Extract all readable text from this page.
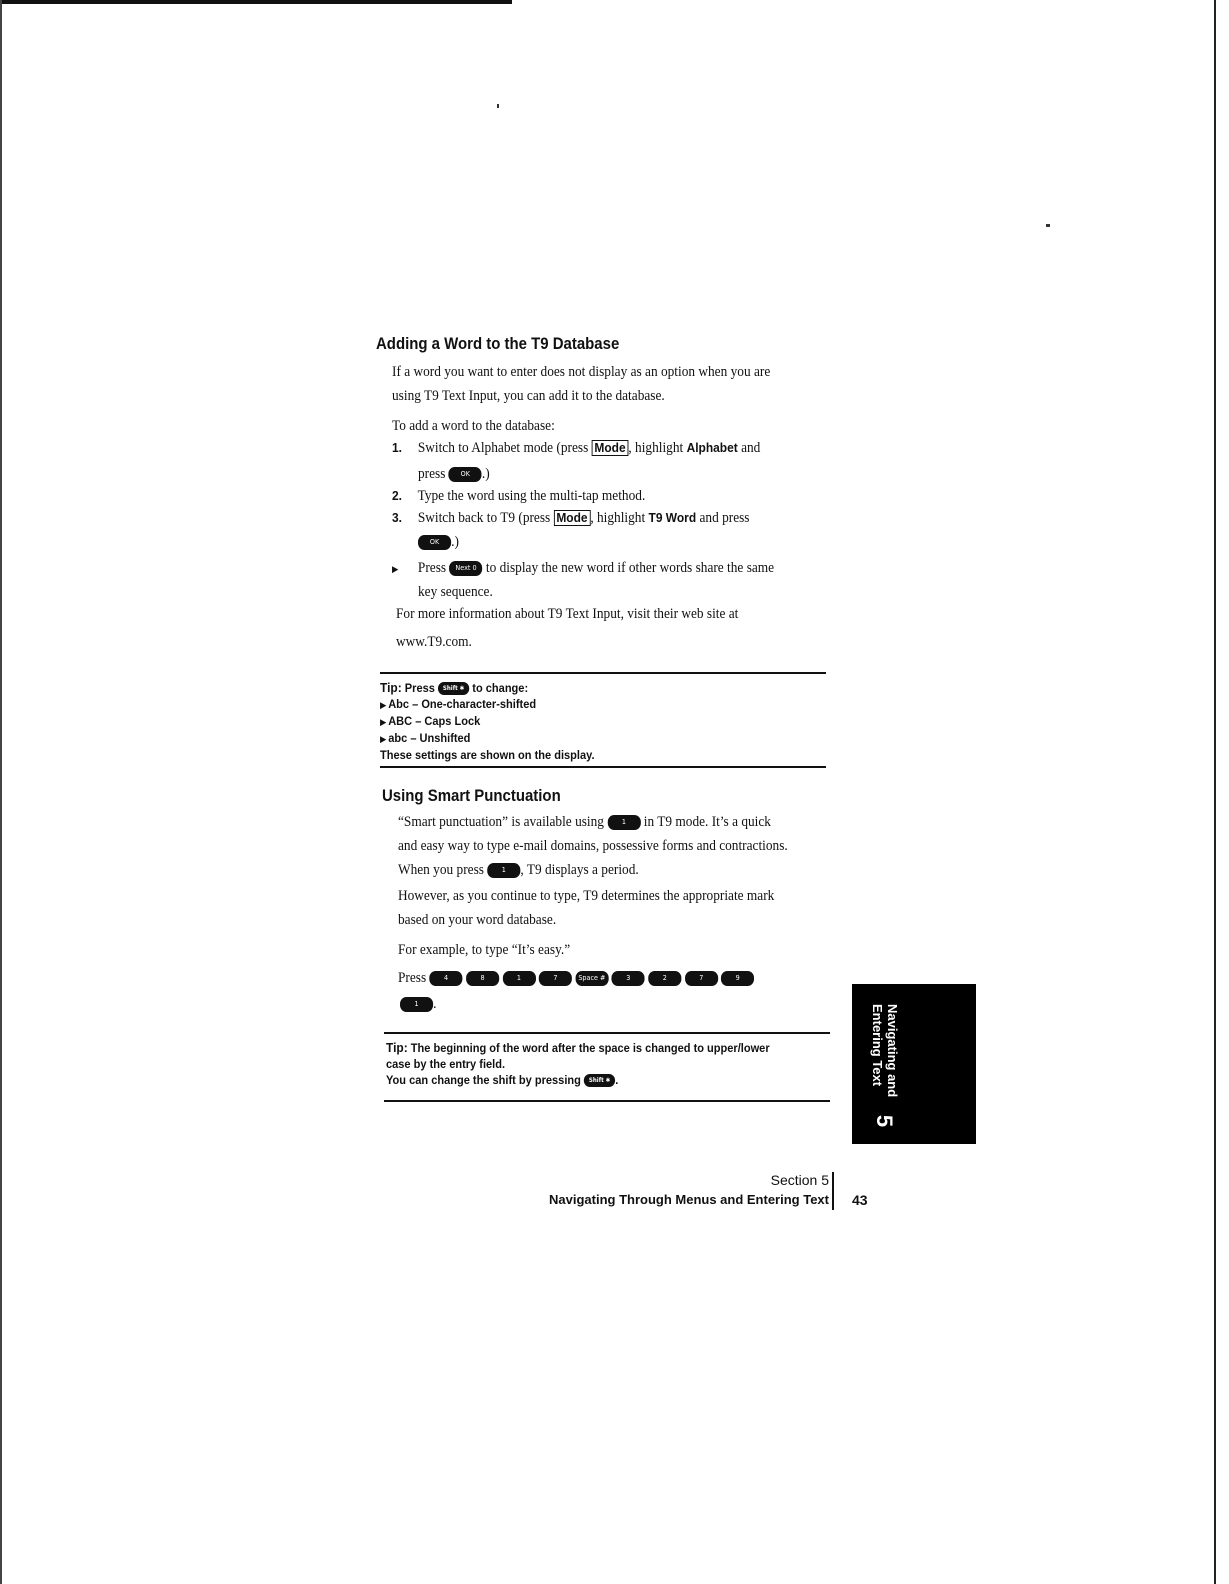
Adding a Word to the T9 Database
If a word you want to enter does not display as an option when you are
using T9 Text Input, you can add it to the database.
To add a word to the database:
1. Switch to Alphabet mode (press Mode , highlight Alphabet and
press OK .)
2. Type the word using the multi-tap method.
3. Switch back to T9 (press Mode , highlight T9 Word and press
OK .)
▶ Press Next 0 to display the new word if other words share the same
key sequence.
For more information about T9 Text Input, visit their web site at
www.T9.com.
Tip: Press Shift ✱ to change:
▶ Abc – One-character-shifted
▶ ABC – Caps Lock
▶ abc – Unshifted
These settings are shown on the display.
Using Smart Punctuation
“Smart punctuation” is available using	1 in T9 mode. It’s a quick
and easy way to type e-mail domains, possessive forms and contractions.
When you press	1 , T9 displays a period.
However, as you continue to type, T9 determines the appropriate mark
based on your word database.
For example, to type “It’s easy.”
Press	4	8	1	7	Space #	3	2	7	9
1 .
Tip: The beginning of the word after the space is changed to upper/lower
case by the entry field.
You can change the shift by pressing Shift ✱ .	Navigating and Entering Text
5
Section 5
Navigating Through Menus and Entering Text 43
